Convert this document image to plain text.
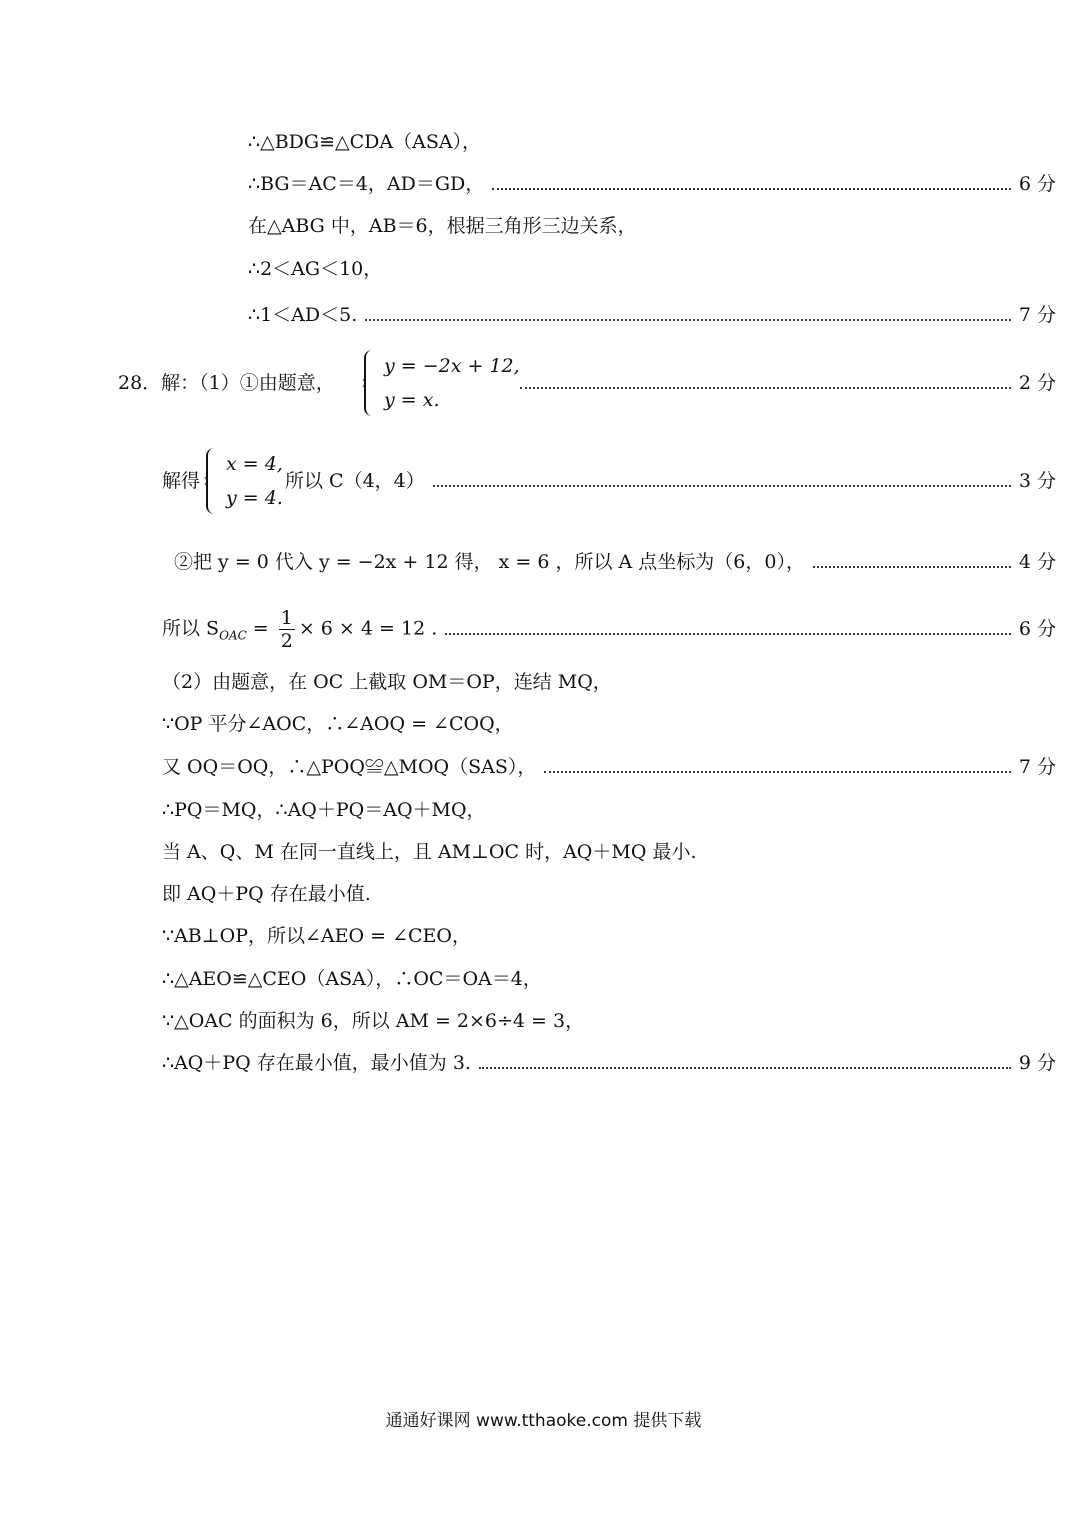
∴△BDG≌△CDA（ASA），
∴BG＝AC＝4，AD＝GD，	6 分
在△ABG 中，AB＝6，根据三角形三边关系，
∴2＜AG＜10，
∴1＜AD＜5.	7 分
28．解：（1）①由题意，
y = −2x + 12,
y = x.
2 分
解得
x = 4,
y = 4.
所以 C（4，4）	3 分
②把 y = 0 代入 y = −2x + 12 得， x = 6 ，所以 A 点坐标为（6，0），	4 分
所以 $S_{OAC} = \frac{1}{2} \times 6 \times 4 = 12$ .	6 分
（2）由题意，在 OC 上截取 OM＝OP，连结 MQ，
∵OP 平分∠AOC，∴∠AOQ = ∠COQ，
又 OQ＝OQ，∴△POQ≌△MOQ（SAS），	7 分
∴PQ＝MQ，∴AQ＋PQ＝AQ＋MQ，
当 A、Q、M 在同一直线上，且 AM⊥OC 时，AQ＋MQ 最小.
即 AQ＋PQ 存在最小值.
∵AB⊥OP，所以∠AEO = ∠CEO，
∴△AEO≌△CEO（ASA），∴OC＝OA＝4，
∵△OAC 的面积为 6，所以 AM = 2×6÷4 = 3，
∴AQ＋PQ 存在最小值，最小值为 3.	9 分
通通好课网 www.tthaoke.com 提供下载
